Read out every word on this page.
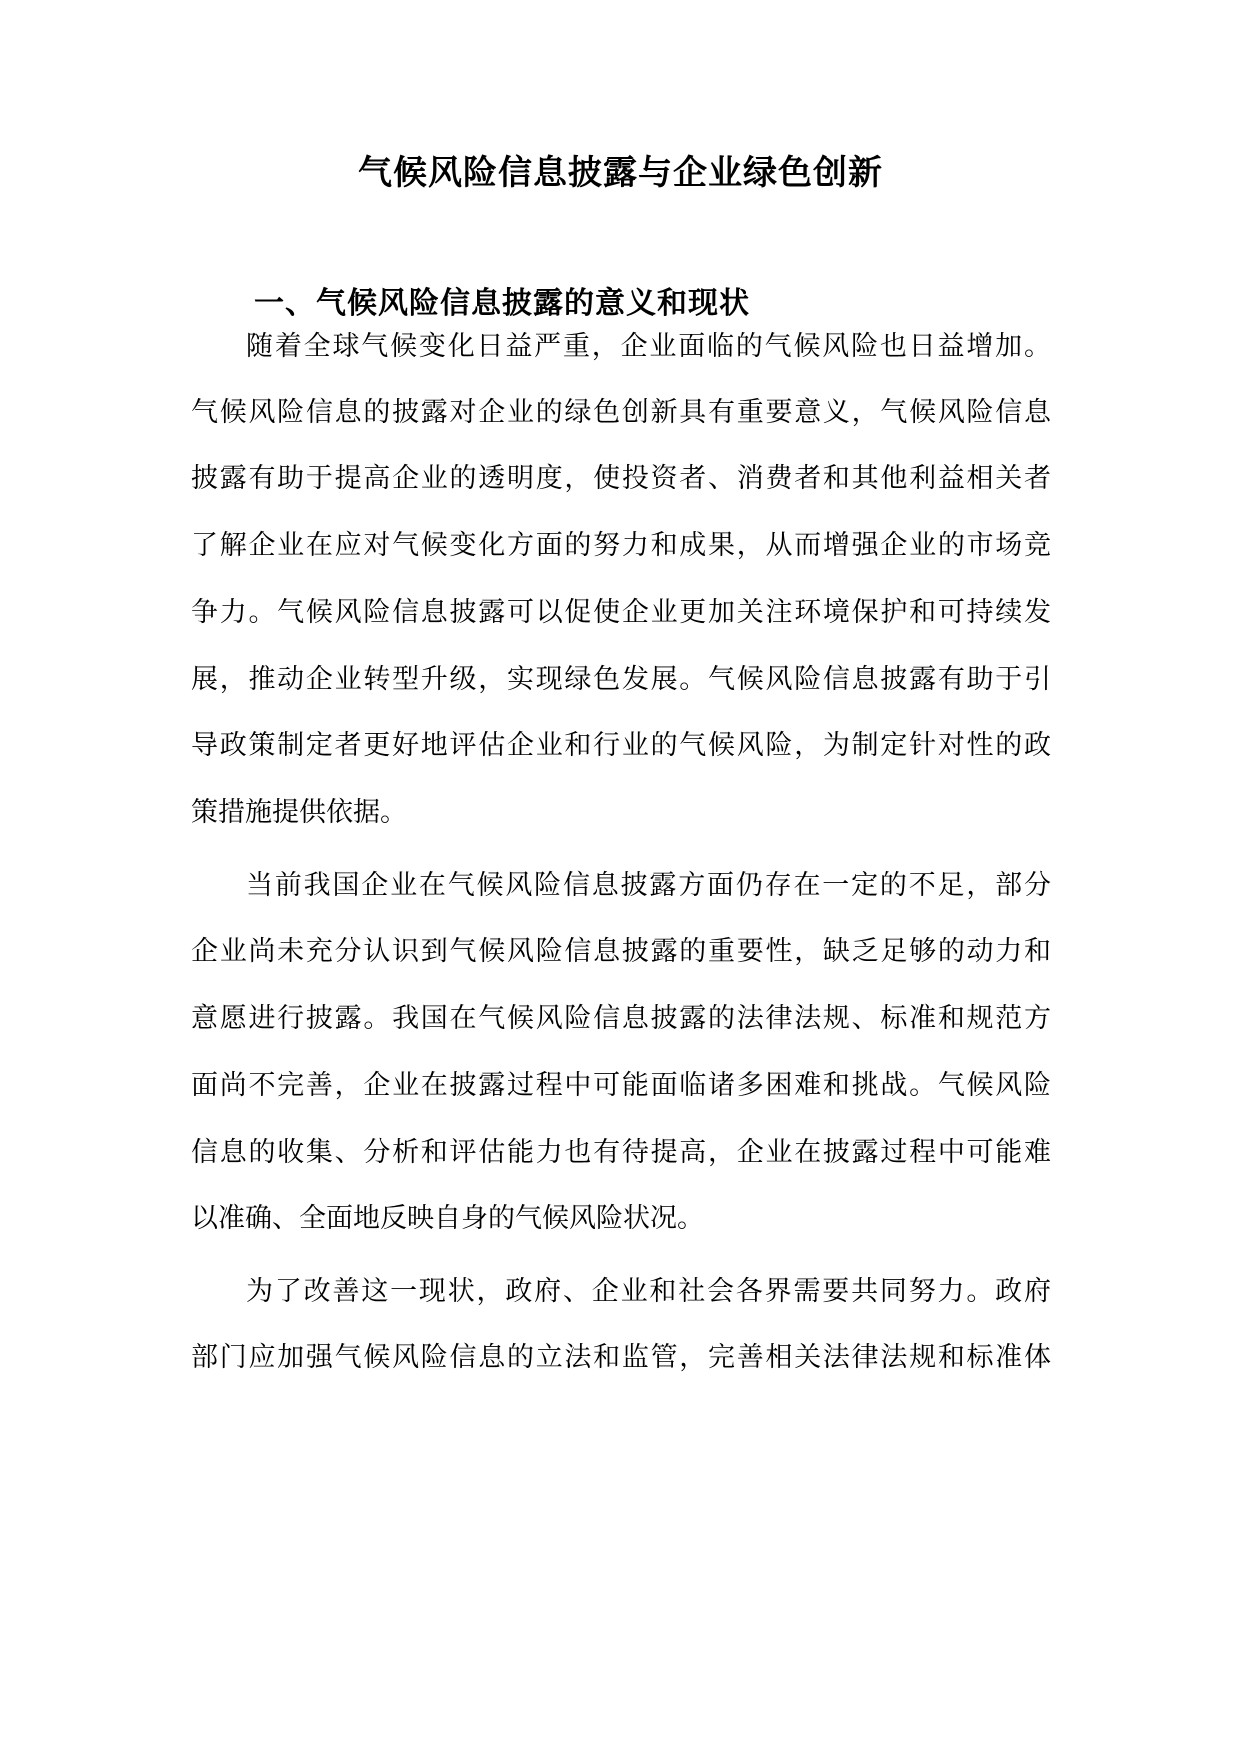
气候风险信息披露与企业绿色创新
一、气候风险信息披露的意义和现状

随着全球气候变化日益严重，企业面临的气候风险也日益增加。

气候风险信息的披露对企业的绿色创新具有重要意义，气候风险信息

披露有助于提高企业的透明度，使投资者、消费者和其他利益相关者

了解企业在应对气候变化方面的努力和成果，从而增强企业的市场竞

争力。气候风险信息披露可以促使企业更加关注环境保护和可持续发

展，推动企业转型升级，实现绿色发展。气候风险信息披露有助于引

导政策制定者更好地评估企业和行业的气候风险，为制定针对性的政

策措施提供依据。

当前我国企业在气候风险信息披露方面仍存在一定的不足，部分

企业尚未充分认识到气候风险信息披露的重要性，缺乏足够的动力和

意愿进行披露。我国在气候风险信息披露的法律法规、标准和规范方

面尚不完善，企业在披露过程中可能面临诸多困难和挑战。气候风险

信息的收集、分析和评估能力也有待提高，企业在披露过程中可能难

以准确、全面地反映自身的气候风险状况。

为了改善这一现状，政府、企业和社会各界需要共同努力。政府

部门应加强气候风险信息的立法和监管，完善相关法律法规和标准体
